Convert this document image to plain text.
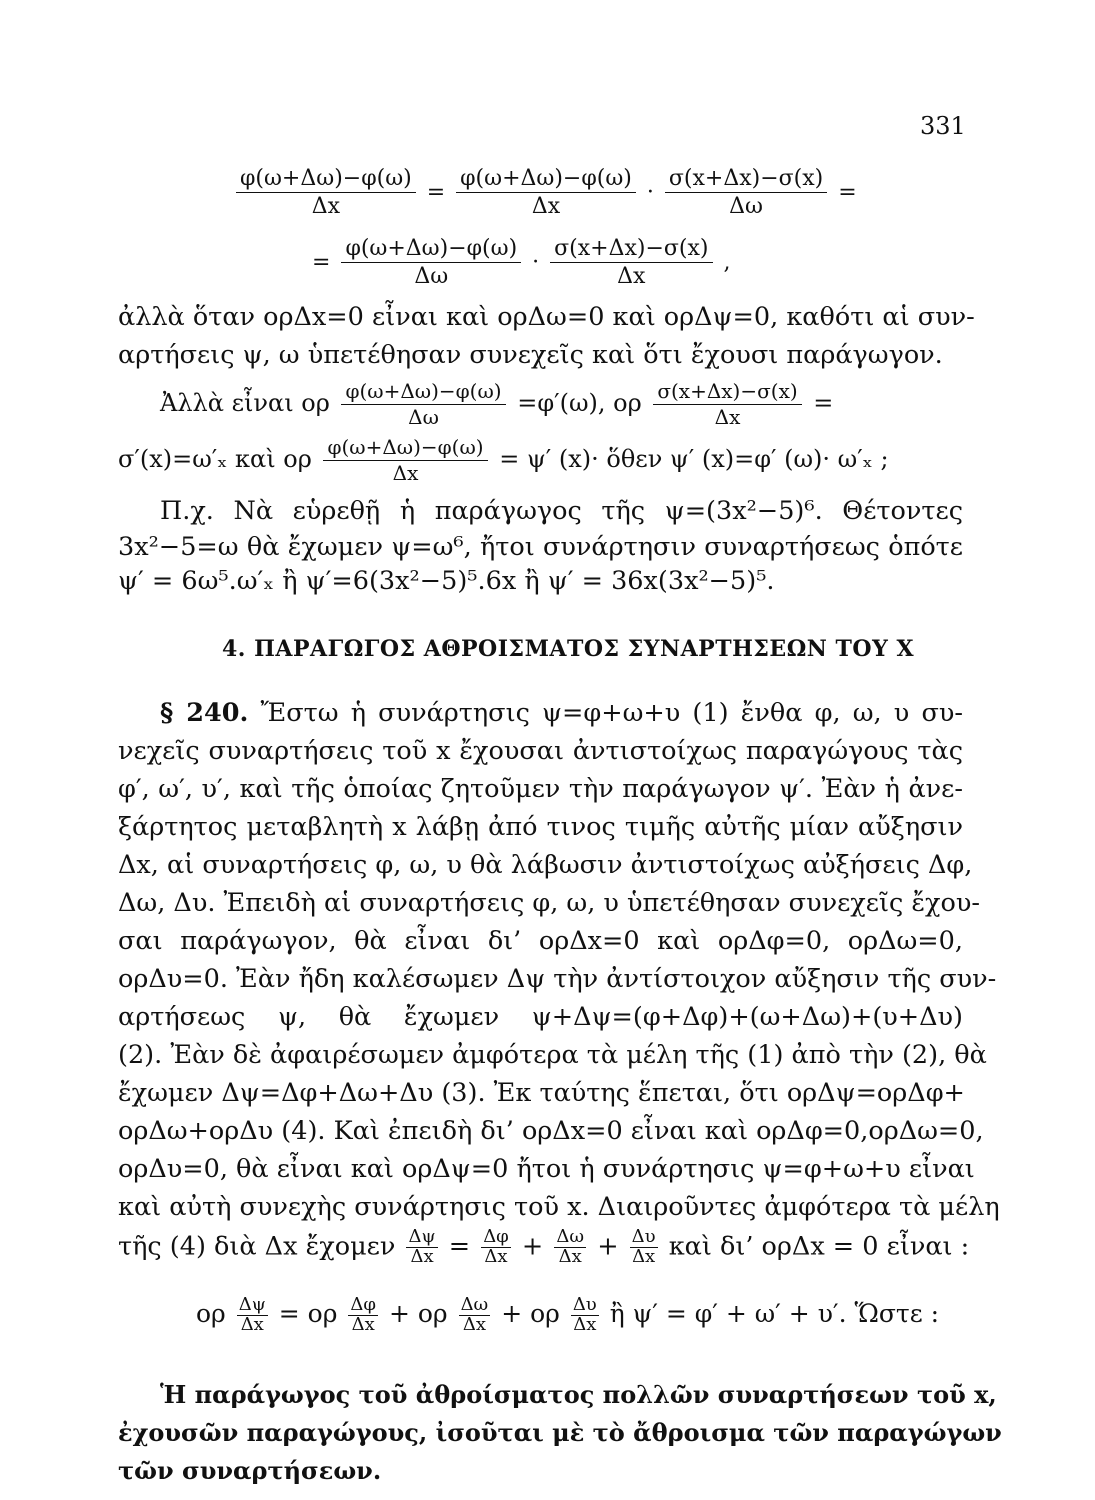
331
$\frac{\varphi(\omega+\Delta\omega)-\varphi(\omega)}{\Delta x} = \frac{\varphi(\omega+\Delta\omega)-\varphi(\omega)}{\Delta x} \cdot \frac{\sigma(x+\Delta x)-\sigma(x)}{\Delta\omega}$ =
= $\frac{\varphi(\omega+\Delta\omega)-\varphi(\omega)}{\Delta\omega} \cdot \frac{\sigma(x+\Delta x)-\sigma(x)}{\Delta x}$ ,
ἀλλὰ ὅταν ορΔx=0 εἶναι καὶ ορΔω=0 καὶ ορΔψ=0, καθότι αἱ συν-
αρτήσεις ψ, ω ὑπετέθησαν συνεχεῖς καὶ ὅτι ἔχουσι παράγωγον.
Ἀλλὰ εἶναι ορ $\frac{\varphi(\omega+\Delta\omega)-\varphi(\omega)}{\Delta\omega} =\varphi'(\omega)$, ορ $\frac{\sigma(x+\Delta x)-\sigma(x)}{\Delta x}$ =
σ′(x)=ω′ₓ καὶ ορ $\frac{\varphi(\omega+\Delta\omega)-\varphi(\omega)}{\Delta x} = \psi'$ (x)· ὅθεν ψ′ (x)=φ′ (ω)· ω′ₓ ;
Π.χ. Νὰ εὑρεθῇ ἡ παράγωγος τῆς ψ=(3x²−5)⁶. Θέτοντες
3x²−5=ω θὰ ἔχωμεν ψ=ω⁶, ἤτοι συνάρτησιν συναρτήσεως ὁπότε
ψ′ = 6ω⁵.ω′ₓ ἢ ψ′=6(3x²−5)⁵.6x ἢ ψ′ = 36x(3x²−5)⁵.
4. ΠΑΡΑΓΩΓΟΣ ΑΘΡΟΙΣΜΑΤΟΣ ΣΥΝΑΡΤΗΣΕΩΝ ΤΟΥ X
§ 240. Ἔστω ἡ συνάρτησις ψ=φ+ω+υ (1) ἔνθα φ, ω, υ συ-
νεχεῖς συναρτήσεις τοῦ x ἔχουσαι ἀντιστοίχως παραγώγους τὰς
φ′, ω′, υ′, καὶ τῆς ὁποίας ζητοῦμεν τὴν παράγωγον ψ′. Ἐὰν ἡ ἀνε-
ξάρτητος μεταβλητὴ x λάβῃ ἀπό τινος τιμῆς αὐτῆς μίαν αὔξησιν
Δx, αἱ συναρτήσεις φ, ω, υ θὰ λάβωσιν ἀντιστοίχως αὐξήσεις Δφ,
Δω, Δυ. Ἐπειδὴ αἱ συναρτήσεις φ, ω, υ ὑπετέθησαν συνεχεῖς ἔχου-
σαι παράγωγον, θὰ εἶναι δι’ ορΔx=0 καὶ ορΔφ=0, ορΔω=0,
ορΔυ=0. Ἐὰν ἤδη καλέσωμεν Δψ τὴν ἀντίστοιχον αὔξησιν τῆς συν-
αρτήσεως ψ, θὰ ἔχωμεν ψ+Δψ=(φ+Δφ)+(ω+Δω)+(υ+Δυ)
(2). Ἐὰν δὲ ἀφαιρέσωμεν ἀμφότερα τὰ μέλη τῆς (1) ἀπὸ τὴν (2), θὰ
ἔχωμεν Δψ=Δφ+Δω+Δυ (3). Ἐκ ταύτης ἕπεται, ὅτι ορΔψ=ορΔφ+
ορΔω+ορΔυ (4). Καὶ ἐπειδὴ δι’ ορΔx=0 εἶναι καὶ ορΔφ=0,ορΔω=0,
ορΔυ=0, θὰ εἶναι καὶ ορΔψ=0 ἤτοι ἡ συνάρτησις ψ=φ+ω+υ εἶναι
καὶ αὐτὴ συνεχὴς συνάρτησις τοῦ x. Διαιροῦντες ἀμφότερα τὰ μέλη
τῆς (4) διὰ Δx ἔχομεν $\frac{\Delta\psi}{\Delta x} = \frac{\Delta\varphi}{\Delta x} + \frac{\Delta\omega}{\Delta x} + \frac{\Delta\upsilon}{\Delta x}$ καὶ δι’ ορΔx = 0 εἶναι :
ορ $\frac{\Delta\psi}{\Delta x} = o\rho \frac{\Delta\varphi}{\Delta x} + o\rho \frac{\Delta\omega}{\Delta x} + o\rho \frac{\Delta\upsilon}{\Delta x}$ ἢ ψ′ = φ′ + ω′ + υ′. Ὥστε :
Ἡ παράγωγος τοῦ ἀθροίσματος πολλῶν συναρτήσεων τοῦ x,
ἐχουσῶν παραγώγους, ἰσοῦται μὲ τὸ ἄθροισμα τῶν παραγώγων
τῶν συναρτήσεων.
